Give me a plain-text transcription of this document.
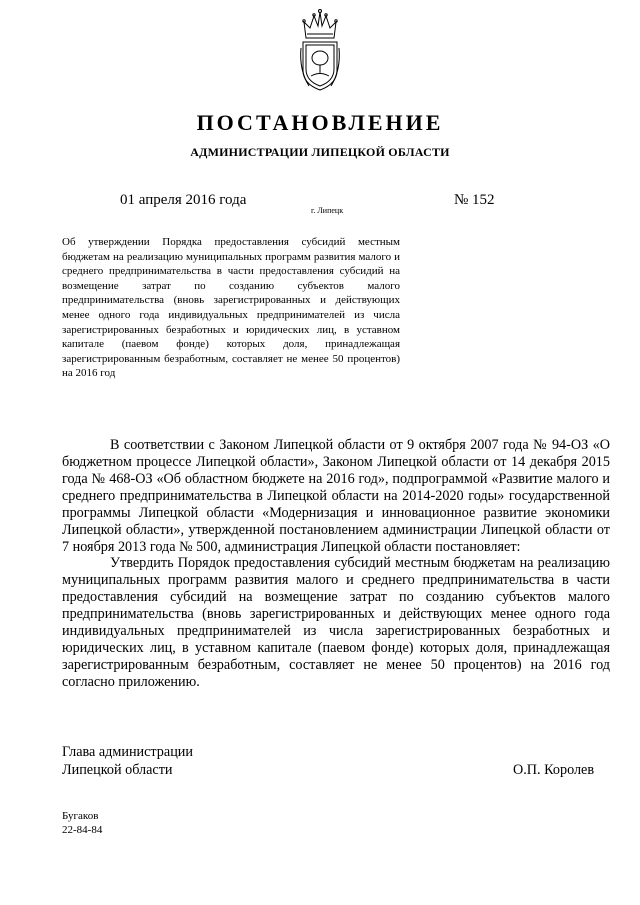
ПОСТАНОВЛЕНИЕ
АДМИНИСТРАЦИИ ЛИПЕЦКОЙ ОБЛАСТИ
01 апреля 2016 года
г. Липецк
№ 152
Об утверждении Порядка предоставления субсидий местным бюджетам на реализацию муниципальных программ развития малого и среднего предпринимательства в части предоставления субсидий на возмещение затрат по созданию субъектов малого предпринимательства (вновь зарегистрированных и действующих менее одного года индивидуальных предпринимателей из числа зарегистрированных безработных и юридических лиц, в уставном капитале (паевом фонде) которых доля, принадлежащая зарегистрированным безработным, составляет не менее 50 процентов) на 2016 год

В соответствии с Законом Липецкой области от 9 октября 2007 года № 94-ОЗ «О бюджетном процессе Липецкой области», Законом Липецкой области от 14 декабря 2015 года № 468-ОЗ «Об областном бюджете на 2016 год», подпрограммой «Развитие малого и среднего предпринимательства в Липецкой области на 2014-2020 годы» государственной программы Липецкой области «Модернизация и инновационное развитие экономики Липецкой области», утвержденной постановлением администрации Липецкой области от 7 ноября 2013 года № 500, администрация Липецкой области постановляет:

Утвердить Порядок предоставления субсидий местным бюджетам на реализацию муниципальных программ развития малого и среднего предпринимательства в части предоставления субсидий на возмещение затрат по созданию субъектов малого предпринимательства (вновь зарегистрированных и действующих менее одного года индивидуальных предпринимателей из числа зарегистрированных безработных и юридических лиц, в уставном капитале (паевом фонде) которых доля, принадлежащая зарегистрированным безработным, составляет не менее 50 процентов) на 2016 год согласно приложению.

Глава администрации
Липецкой области	О.П. Королев
Бугаков
22-84-84
